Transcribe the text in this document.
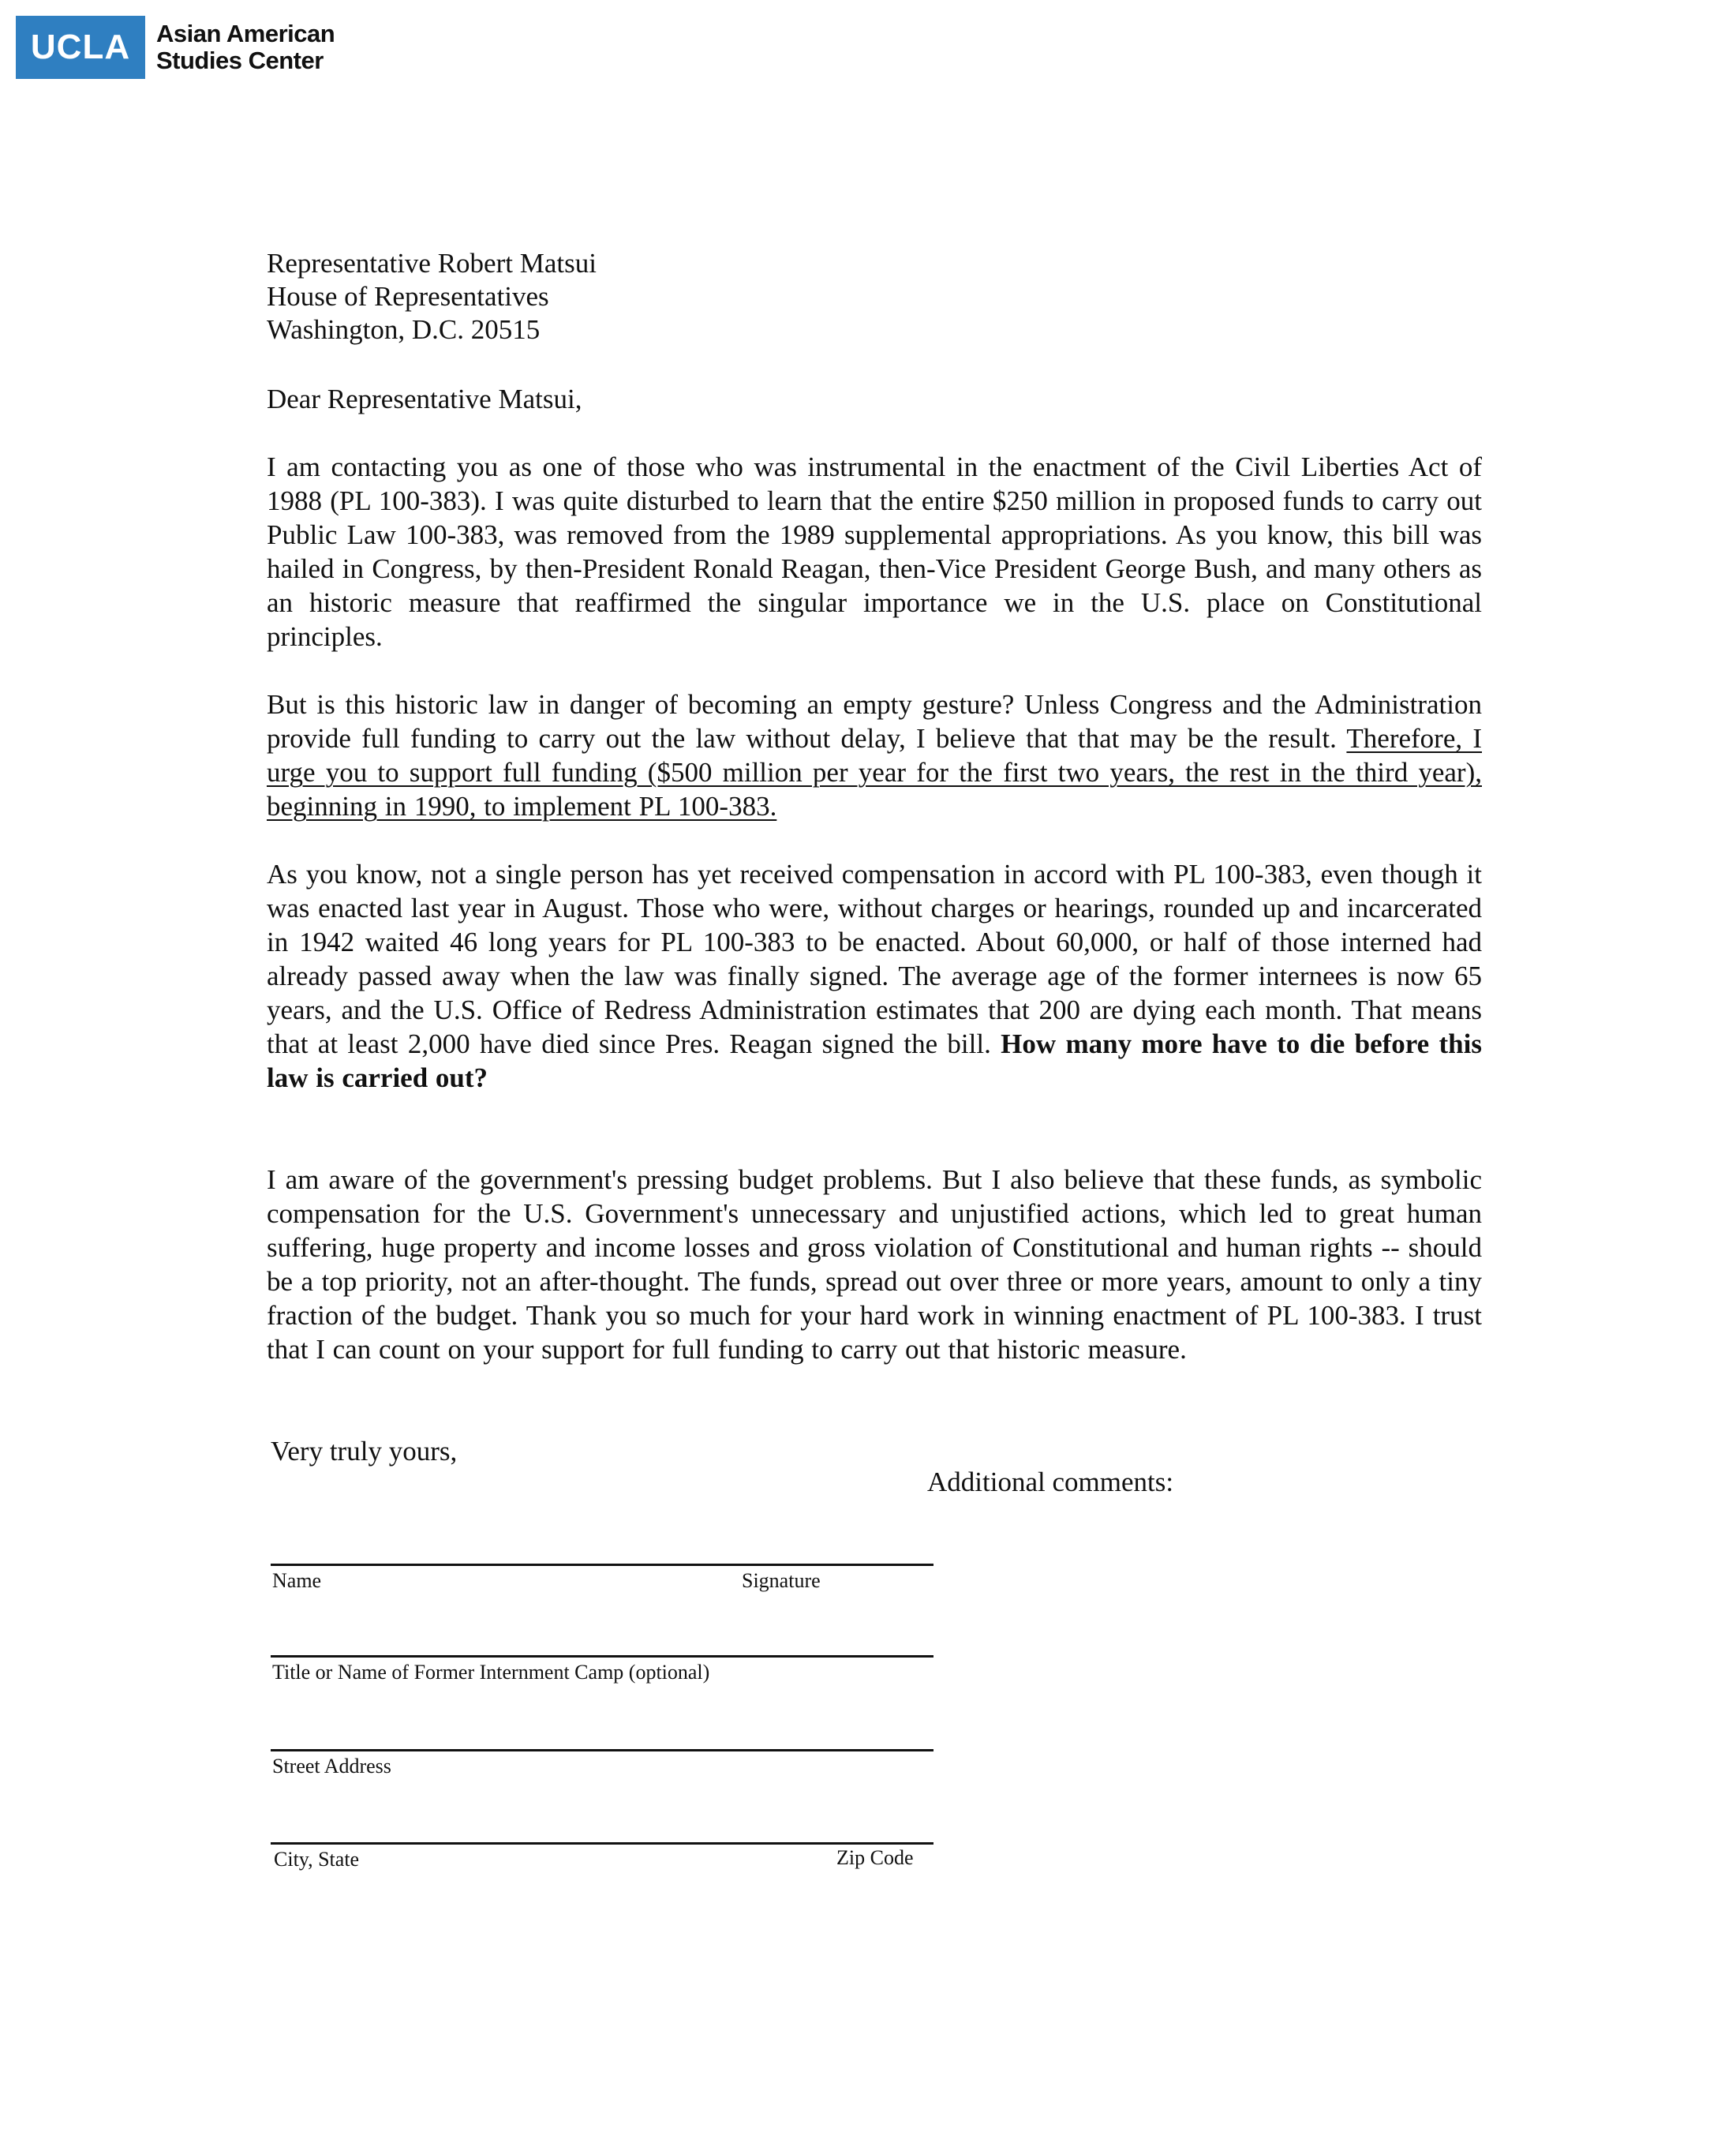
UCLA Asian American
Studies Center
Representative Robert Matsui
House of Representatives
Washington, D.C. 20515
Dear Representative Matsui,
I am contacting you as one of those who was instrumental in the enactment of the Civil Liberties Act of 1988 (PL 100-383). I was quite disturbed to learn that the entire $250 million in proposed funds to carry out Public Law 100-383, was removed from the 1989 supplemental appropriations. As you know, this bill was hailed in Congress, by then-President Ronald Reagan, then-Vice President George Bush, and many others as an historic measure that reaffirmed the singular importance we in the U.S. place on Constitutional principles.
But is this historic law in danger of becoming an empty gesture? Unless Congress and the Administration provide full funding to carry out the law without delay, I believe that that may be the result. Therefore, I urge you to support full funding ($500 million per year for the first two years, the rest in the third year), beginning in 1990, to implement PL 100-383.
As you know, not a single person has yet received compensation in accord with PL 100-383, even though it was enacted last year in August. Those who were, without charges or hearings, rounded up and incarcerated in 1942 waited 46 long years for PL 100-383 to be enacted. About 60,000, or half of those interned had already passed away when the law was finally signed. The average age of the former internees is now 65 years, and the U.S. Office of Redress Administration estimates that 200 are dying each month. That means that at least 2,000 have died since Pres. Reagan signed the bill. How many more have to die before this law is carried out?
I am aware of the government's pressing budget problems. But I also believe that these funds, as symbolic compensation for the U.S. Government's unnecessary and unjustified actions, which led to great human suffering, huge property and income losses and gross violation of Constitutional and human rights -- should be a top priority, not an after-thought. The funds, spread out over three or more years, amount to only a tiny fraction of the budget. Thank you so much for your hard work in winning enactment of PL 100-383. I trust that I can count on your support for full funding to carry out that historic measure.
Very truly yours,
Additional comments:
Name	Signature
Title or Name of Former Internment Camp (optional)
Street Address
City, State	Zip Code
